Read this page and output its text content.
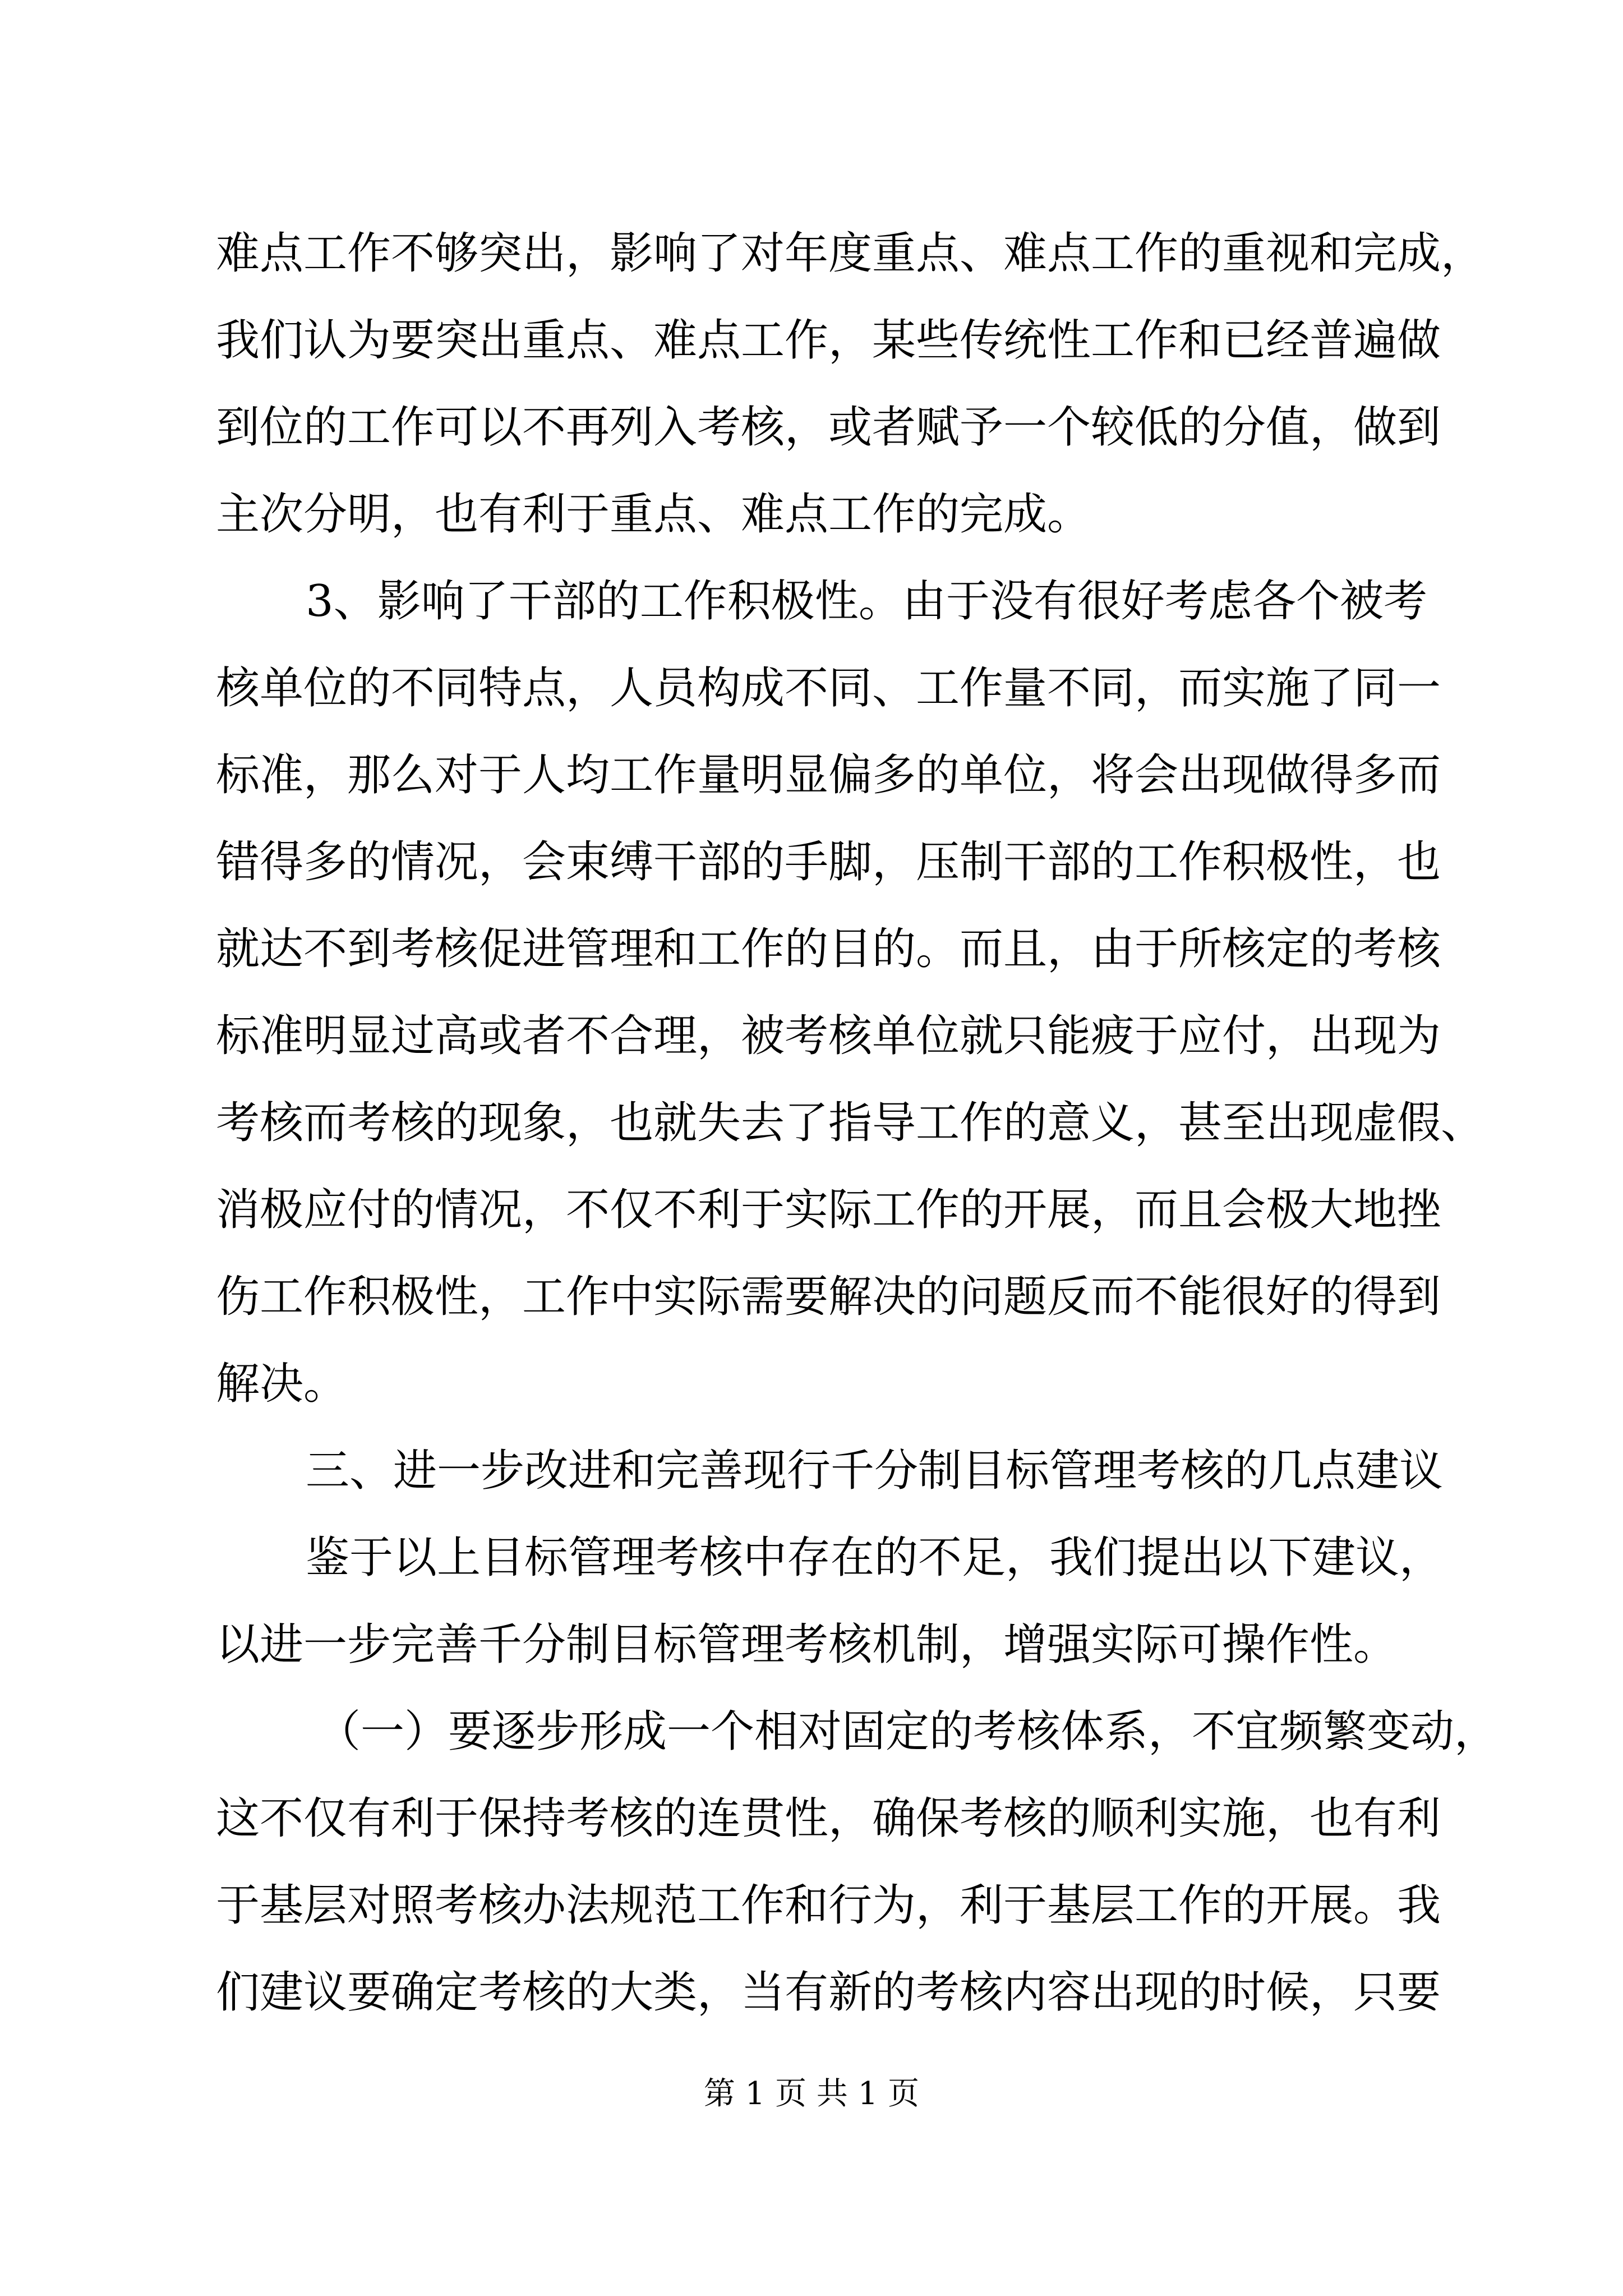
难点工作不够突出，影响了对年度重点、难点工作的重视和完成，
我们认为要突出重点、难点工作，某些传统性工作和已经普遍做
到位的工作可以不再列入考核，或者赋予一个较低的分值，做到
主次分明，也有利于重点、难点工作的完成。
3、影响了干部的工作积极性。由于没有很好考虑各个被考
核单位的不同特点，人员构成不同、工作量不同，而实施了同一
标准，那么对于人均工作量明显偏多的单位，将会出现做得多而
错得多的情况，会束缚干部的手脚，压制干部的工作积极性，也
就达不到考核促进管理和工作的目的。而且，由于所核定的考核
标准明显过高或者不合理，被考核单位就只能疲于应付，出现为
考核而考核的现象，也就失去了指导工作的意义，甚至出现虚假、
消极应付的情况，不仅不利于实际工作的开展，而且会极大地挫
伤工作积极性，工作中实际需要解决的问题反而不能很好的得到
解决。
三、进一步改进和完善现行千分制目标管理考核的几点建议
鉴于以上目标管理考核中存在的不足，我们提出以下建议，
以进一步完善千分制目标管理考核机制，增强实际可操作性。
（一）要逐步形成一个相对固定的考核体系，不宜频繁变动，
这不仅有利于保持考核的连贯性，确保考核的顺利实施，也有利
于基层对照考核办法规范工作和行为，利于基层工作的开展。我
们建议要确定考核的大类，当有新的考核内容出现的时候，只要
第 1 页 共 1 页
